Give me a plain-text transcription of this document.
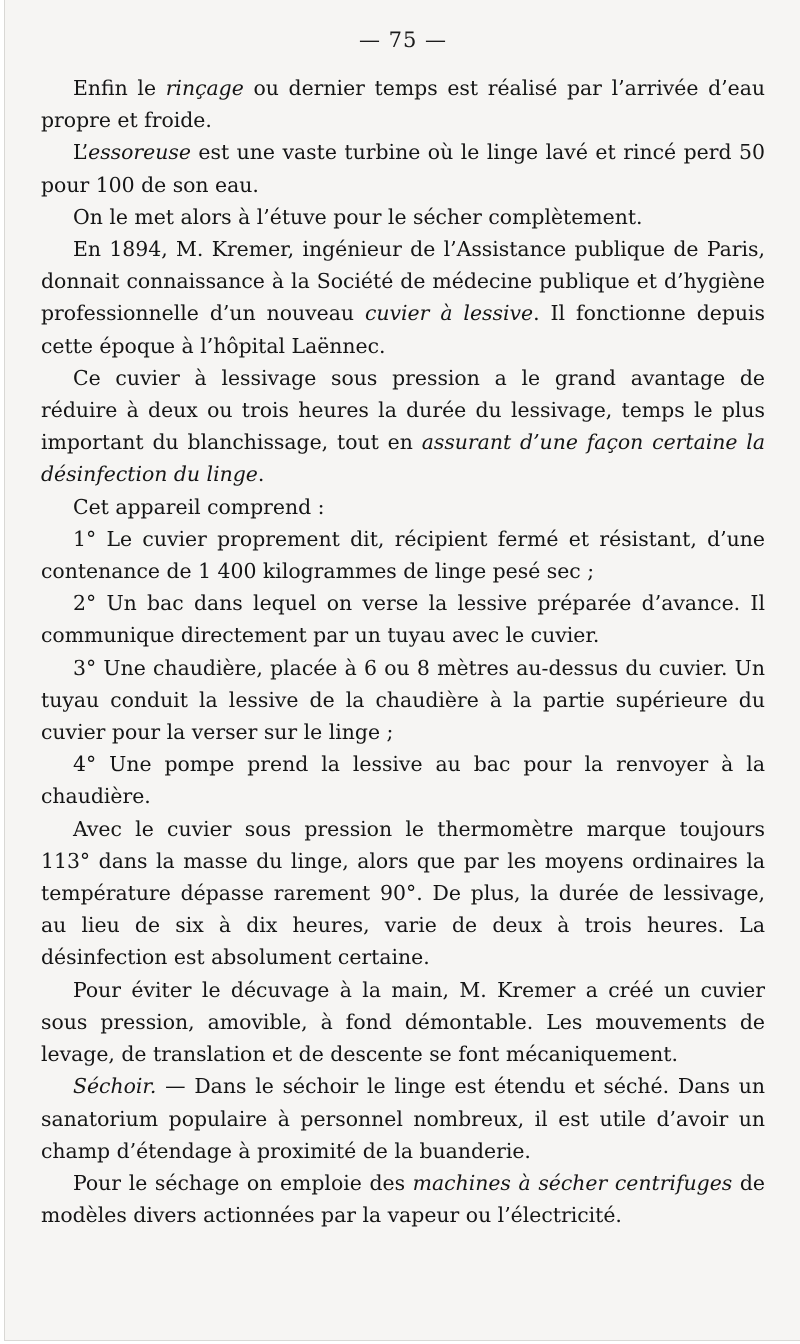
— 75 —

Enfin le rinçage ou dernier temps est réalisé par l’arrivée d’eau propre et froide.

L’essoreuse est une vaste turbine où le linge lavé et rincé perd 50 pour 100 de son eau.

On le met alors à l’étuve pour le sécher complètement.

En 1894, M. Kremer, ingénieur de l’Assistance publique de Paris, donnait connaissance à la Société de médecine publique et d’hygiène professionnelle d’un nouveau cuvier à lessive. Il fonctionne depuis cette époque à l’hôpital Laënnec.

Ce cuvier à lessivage sous pression a le grand avantage de réduire à deux ou trois heures la durée du lessivage, temps le plus important du blanchissage, tout en assurant d’une façon certaine la désinfection du linge.

Cet appareil comprend :

1° Le cuvier proprement dit, récipient fermé et résistant, d’une contenance de 1 400 kilogrammes de linge pesé sec ;

2° Un bac dans lequel on verse la lessive préparée d’avance. Il communique directement par un tuyau avec le cuvier.

3° Une chaudière, placée à 6 ou 8 mètres au-dessus du cuvier. Un tuyau conduit la lessive de la chaudière à la partie supérieure du cuvier pour la verser sur le linge ;

4° Une pompe prend la lessive au bac pour la renvoyer à la chaudière.

Avec le cuvier sous pression le thermomètre marque toujours 113° dans la masse du linge, alors que par les moyens ordinaires la température dépasse rarement 90°. De plus, la durée de lessivage, au lieu de six à dix heures, varie de deux à trois heures. La désinfection est absolument certaine.

Pour éviter le décuvage à la main, M. Kremer a créé un cuvier sous pression, amovible, à fond démontable. Les mouvements de levage, de translation et de descente se font mécaniquement.

Séchoir. — Dans le séchoir le linge est étendu et séché. Dans un sanatorium populaire à personnel nombreux, il est utile d’avoir un champ d’étendage à proximité de la buanderie.

Pour le séchage on emploie des machines à sécher centrifuges de modèles divers actionnées par la vapeur ou l’électricité.
